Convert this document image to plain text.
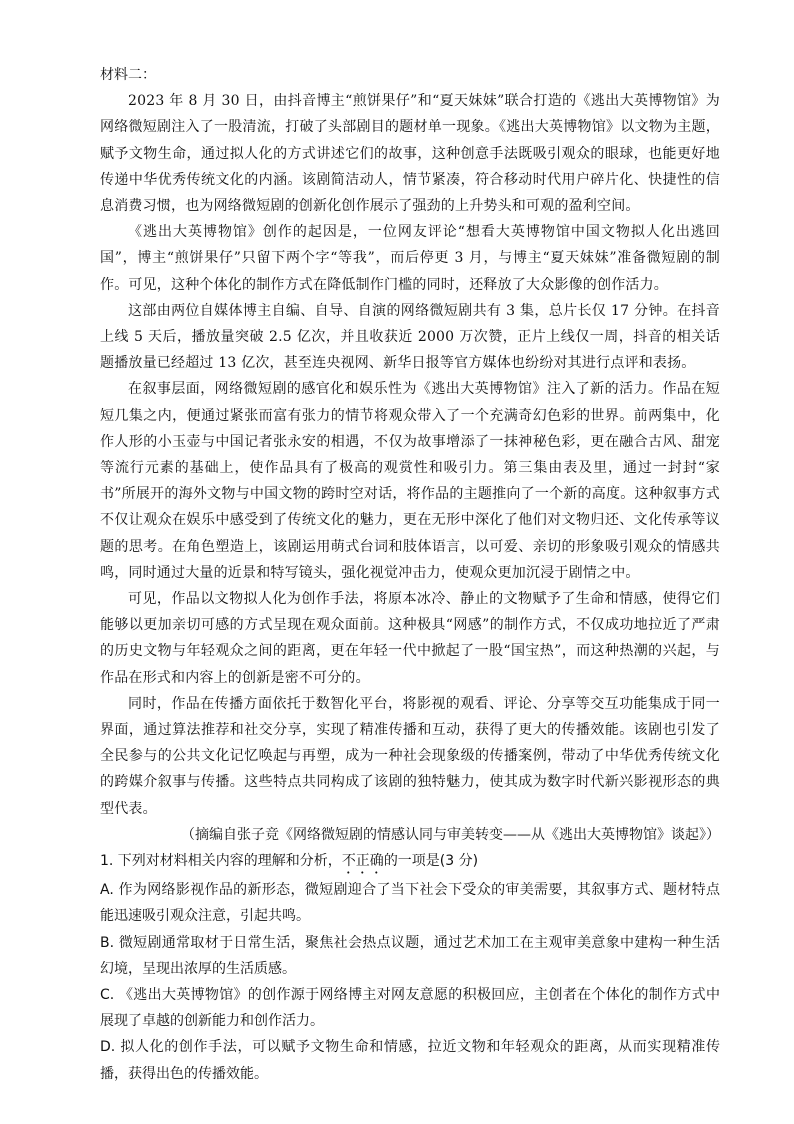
材料二：

2023 年 8 月 30 日，由抖音博主“煎饼果仔”和“夏天妹妹”联合打造的《逃出大英博物馆》为网络微短剧注入了一股清流，打破了头部剧目的题材单一现象。《逃出大英博物馆》以文物为主题，赋予文物生命，通过拟人化的方式讲述它们的故事，这种创意手法既吸引观众的眼球，也能更好地传递中华优秀传统文化的内涵。该剧简洁动人，情节紧凑，符合移动时代用户碎片化、快捷性的信息消费习惯，也为网络微短剧的创新化创作展示了强劲的上升势头和可观的盈利空间。

《逃出大英博物馆》创作的起因是，一位网友评论“想看大英博物馆中国文物拟人化出逃回国”，博主“煎饼果仔”只留下两个字“等我”，而后停更 3 月，与博主“夏天妹妹”准备微短剧的制作。可见，这种个体化的制作方式在降低制作门槛的同时，还释放了大众影像的创作活力。

这部由两位自媒体博主自编、自导、自演的网络微短剧共有 3 集，总片长仅 17 分钟。在抖音上线 5 天后，播放量突破 2.5 亿次，并且收获近 2000 万次赞，正片上线仅一周，抖音的相关话题播放量已经超过 13 亿次，甚至连央视网、新华日报等官方媒体也纷纷对其进行点评和表扬。

在叙事层面，网络微短剧的感官化和娱乐性为《逃出大英博物馆》注入了新的活力。作品在短短几集之内，便通过紧张而富有张力的情节将观众带入了一个充满奇幻色彩的世界。前两集中，化作人形的小玉壶与中国记者张永安的相遇，不仅为故事增添了一抹神秘色彩，更在融合古风、甜宠等流行元素的基础上，使作品具有了极高的观赏性和吸引力。第三集由表及里，通过一封封“家书”所展开的海外文物与中国文物的跨时空对话，将作品的主题推向了一个新的高度。这种叙事方式不仅让观众在娱乐中感受到了传统文化的魅力，更在无形中深化了他们对文物归还、文化传承等议题的思考。在角色塑造上，该剧运用萌式台词和肢体语言，以可爱、亲切的形象吸引观众的情感共鸣，同时通过大量的近景和特写镜头，强化视觉冲击力，使观众更加沉浸于剧情之中。

可见，作品以文物拟人化为创作手法，将原本冰冷、静止的文物赋予了生命和情感，使得它们能够以更加亲切可感的方式呈现在观众面前。这种极具“网感”的制作方式，不仅成功地拉近了严肃的历史文物与年轻观众之间的距离，更在年轻一代中掀起了一股“国宝热”，而这种热潮的兴起，与作品在形式和内容上的创新是密不可分的。

同时，作品在传播方面依托于数智化平台，将影视的观看、评论、分享等交互功能集成于同一界面，通过算法推荐和社交分享，实现了精准传播和互动，获得了更大的传播效能。该剧也引发了全民参与的公共文化记忆唤起与再塑，成为一种社会现象级的传播案例，带动了中华优秀传统文化的跨媒介叙事与传播。这些特点共同构成了该剧的独特魅力，使其成为数字时代新兴影视形态的典型代表。

（摘编自张子竞《网络微短剧的情感认同与审美转变——从《逃出大英博物馆》谈起》）

1. 下列对材料相关内容的理解和分析，不正确的一项是(3 分)

A. 作为网络影视作品的新形态，微短剧迎合了当下社会下受众的审美需要，其叙事方式、题材特点能迅速吸引观众注意，引起共鸣。

B. 微短剧通常取材于日常生活，聚焦社会热点议题，通过艺术加工在主观审美意象中建构一种生活幻境，呈现出浓厚的生活质感。

C. 《逃出大英博物馆》的创作源于网络博主对网友意愿的积极回应，主创者在个体化的制作方式中展现了卓越的创新能力和创作活力。

D. 拟人化的创作手法，可以赋予文物生命和情感，拉近文物和年轻观众的距离，从而实现精准传播，获得出色的传播效能。
